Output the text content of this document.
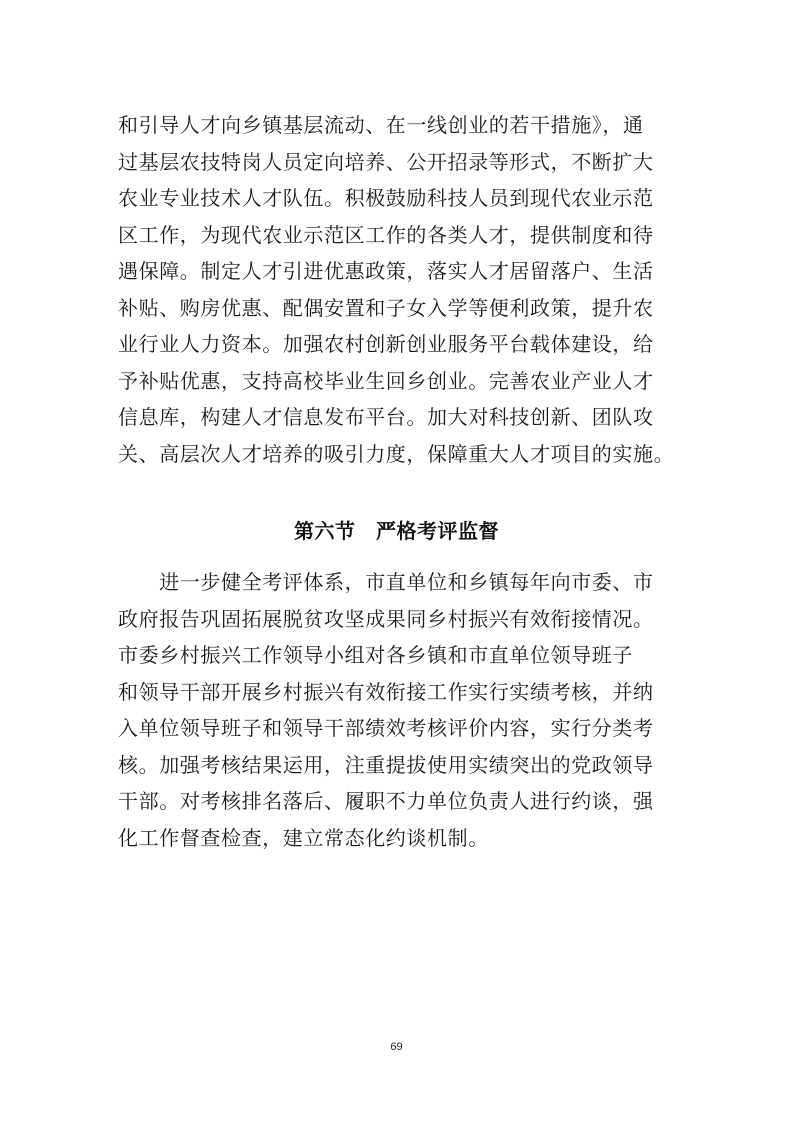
和引导人才向乡镇基层流动、在一线创业的若干措施》，通
过基层农技特岗人员定向培养、公开招录等形式，不断扩大
农业专业技术人才队伍。积极鼓励科技人员到现代农业示范
区工作，为现代农业示范区工作的各类人才，提供制度和待
遇保障。制定人才引进优惠政策，落实人才居留落户、生活
补贴、购房优惠、配偶安置和子女入学等便利政策，提升农
业行业人力资本。加强农村创新创业服务平台载体建设，给
予补贴优惠，支持高校毕业生回乡创业。完善农业产业人才
信息库，构建人才信息发布平台。加大对科技创新、团队攻
关、高层次人才培养的吸引力度，保障重大人才项目的实施。

第六节　严格考评监督

　　进一步健全考评体系，市直单位和乡镇每年向市委、市
政府报告巩固拓展脱贫攻坚成果同乡村振兴有效衔接情况。
市委乡村振兴工作领导小组对各乡镇和市直单位领导班子
和领导干部开展乡村振兴有效衔接工作实行实绩考核，并纳
入单位领导班子和领导干部绩效考核评价内容，实行分类考
核。加强考核结果运用，注重提拔使用实绩突出的党政领导
干部。对考核排名落后、履职不力单位负责人进行约谈，强
化工作督查检查，建立常态化约谈机制。

69
